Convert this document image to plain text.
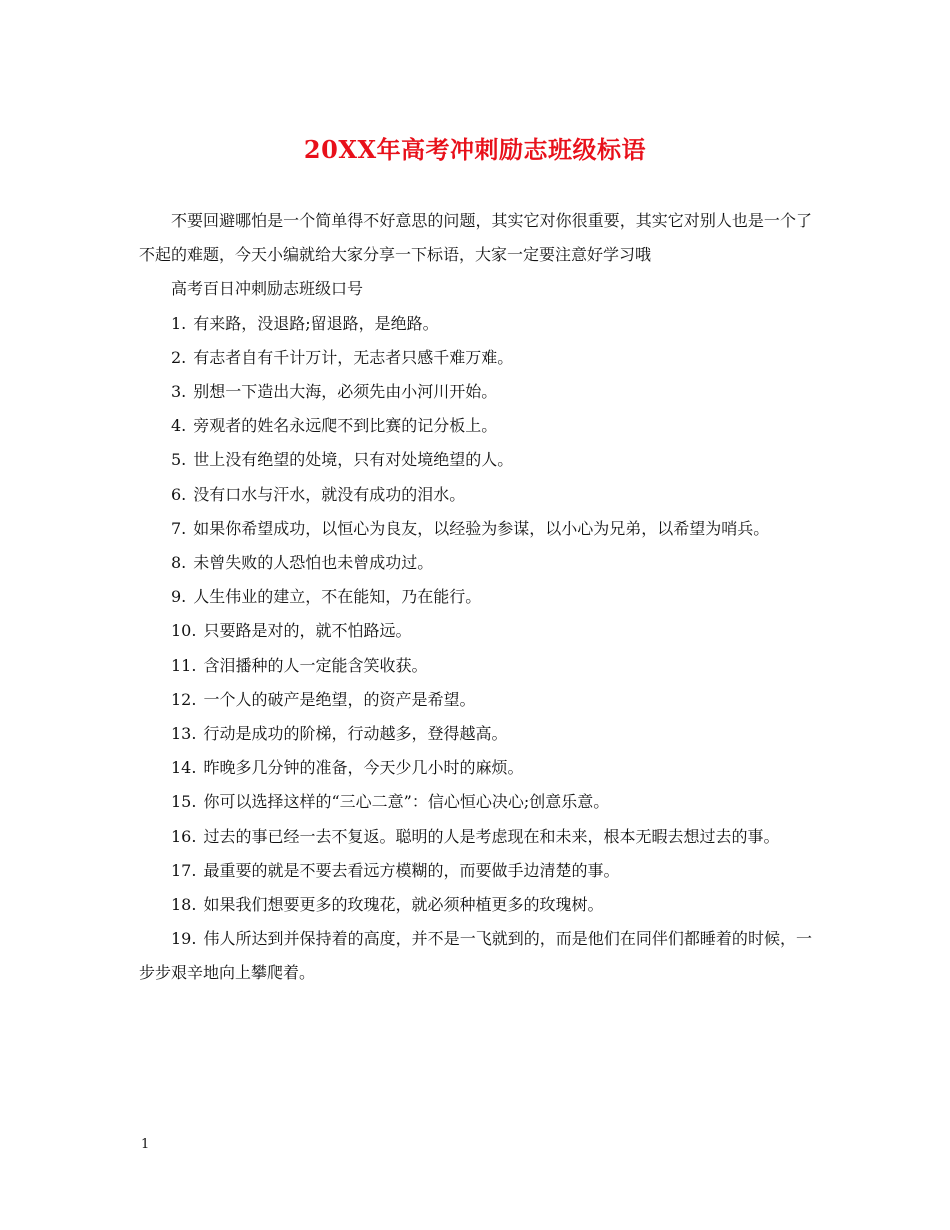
20XX年高考冲刺励志班级标语

不要回避哪怕是一个简单得不好意思的问题，其实它对你很重要，其实它对别人也是一个了不起的难题，今天小编就给大家分享一下标语，大家一定要注意好学习哦

高考百日冲刺励志班级口号

1. 有来路，没退路;留退路，是绝路。

2. 有志者自有千计万计，无志者只感千难万难。

3. 别想一下造出大海，必须先由小河川开始。

4. 旁观者的姓名永远爬不到比赛的记分板上。

5. 世上没有绝望的处境，只有对处境绝望的人。

6. 没有口水与汗水，就没有成功的泪水。

7. 如果你希望成功，以恒心为良友，以经验为参谋，以小心为兄弟，以希望为哨兵。

8. 未曾失败的人恐怕也未曾成功过。

9. 人生伟业的建立，不在能知，乃在能行。

10. 只要路是对的，就不怕路远。

11. 含泪播种的人一定能含笑收获。

12. 一个人的破产是绝望，的资产是希望。

13. 行动是成功的阶梯，行动越多，登得越高。

14. 昨晚多几分钟的准备，今天少几小时的麻烦。

15. 你可以选择这样的“三心二意”：信心恒心决心;创意乐意。

16. 过去的事已经一去不复返。聪明的人是考虑现在和未来，根本无暇去想过去的事。

17. 最重要的就是不要去看远方模糊的，而要做手边清楚的事。

18. 如果我们想要更多的玫瑰花，就必须种植更多的玫瑰树。

19. 伟人所达到并保持着的高度，并不是一飞就到的，而是他们在同伴们都睡着的时候，一步步艰辛地向上攀爬着。

1
